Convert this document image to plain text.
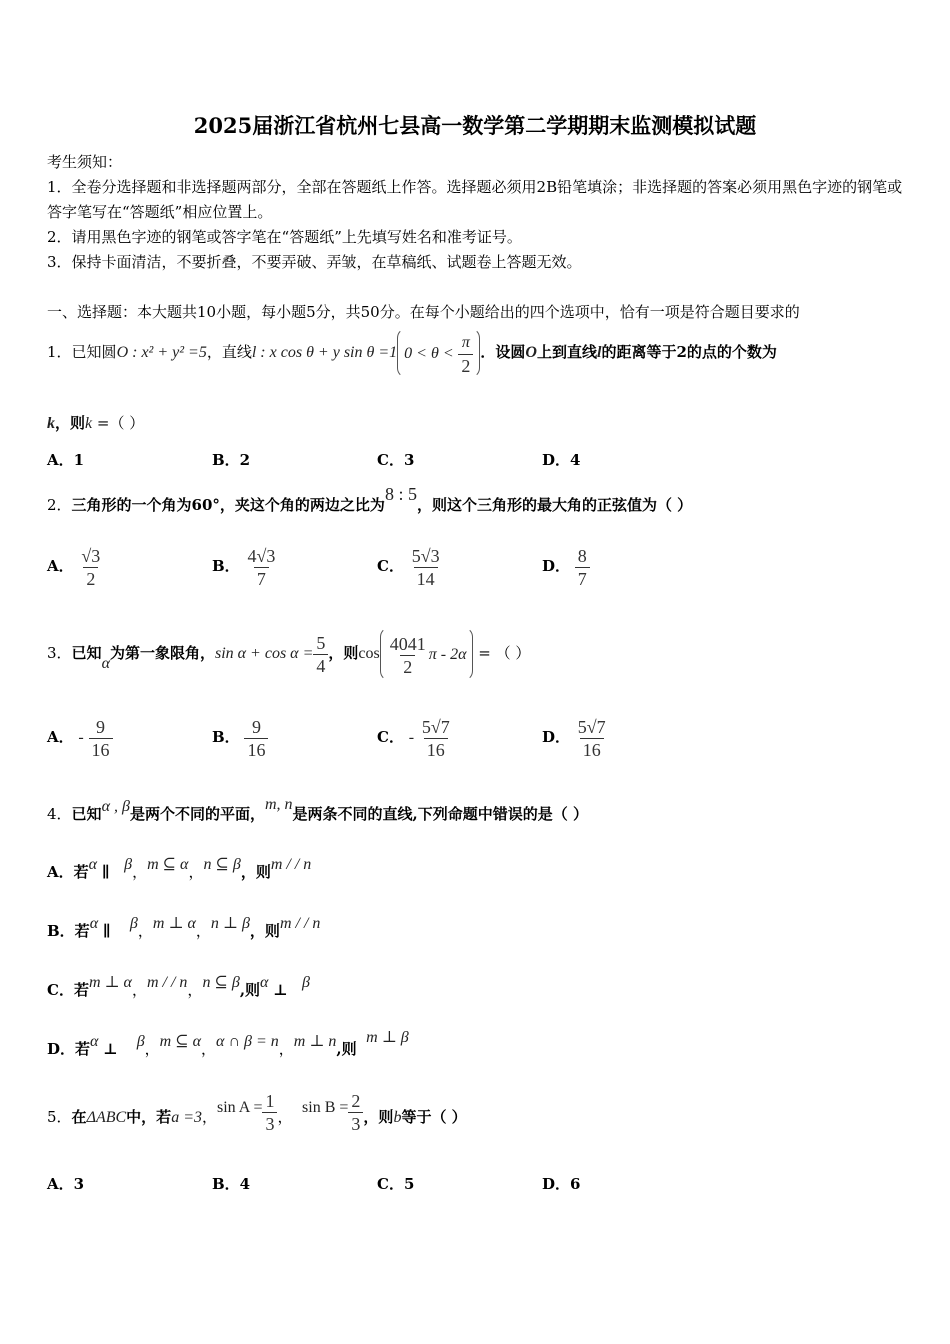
2025届浙江省杭州七县高一数学第二学期期末监测模拟试题
考生须知：
1．全卷分选择题和非选择题两部分，全部在答题纸上作答。选择题必须用2B铅笔填涂；非选择题的答案必须用黑色字迹的钢笔或答字笔写在“答题纸”相应位置上。
2．请用黑色字迹的钢笔或答字笔在“答题纸”上先填写姓名和准考证号。
3．保持卡面清洁，不要折叠，不要弄破、弄皱，在草稿纸、试题卷上答题无效。
一、选择题：本大题共10小题，每小题5分，共50分。在每个小题给出的四个选项中，恰有一项是符合题目要求的
1．已知圆O : x² + y² =5，直线l : x cos θ + y sin θ =1 $0 < \theta < \frac{\pi}{2}$ ．设圆O上到直线l的距离等于2的点的个数为
k，则k =（ ）
A．1	B．2	C．3	D．4
2．三角形的一个角为60°，夹这个角的两边之比为8 : 5，则这个三角形的最大角的正弦值为（ ）
A． $\frac{√3}{2}$	B． $\frac{4√3}{7}$	C． $\frac{5√3}{14}$	D． $\frac{8}{7}$
3．已知α为第一象限角，$\sin \alpha + \cos \alpha = \frac{5}{4}$ ，则$\cos \frac{4041}{2}$ π - 2α = （ ）
A． - $\frac{9}{16}$	B． $\frac{9}{16}$	C． - $\frac{5√7}{16}$	D． $\frac{5√7}{16}$
4．已知α , β是两个不同的平面，m, n是两条不同的直线,下列命题中错误的是（ ）
A．若α ∥ β，m ⊆ α，n ⊆ β，则m / / n
B．若α ∥ β，m ⊥ α，n ⊥ β，则m / / n
C．若m ⊥ α，m / / n，n ⊆ β,则α ⊥ β
D．若α ⊥ β，m ⊆ α，α ∩ β = n，m ⊥ n,则  m ⊥ β
5．在ΔABC中，若a =3，$\sin A = \frac{1}{3}$ ，  $\sin B = \frac{2}{3}$ ，则b等于（ ）
A．3	B．4	C．5	D．6
